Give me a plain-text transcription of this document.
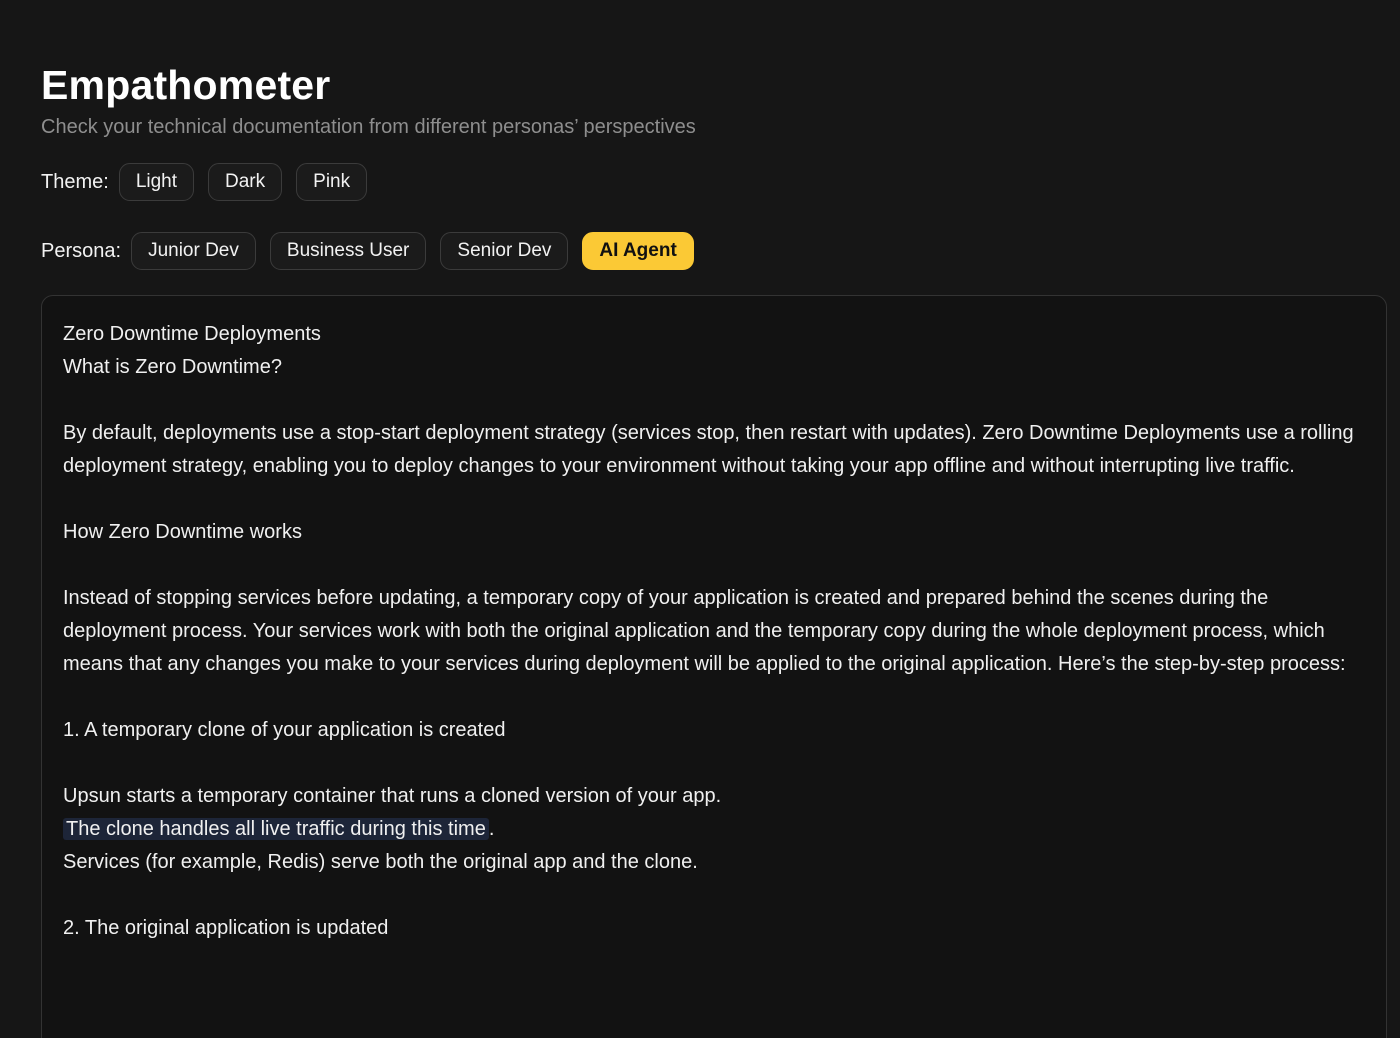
Empathometer

Check your technical documentation from different personas’ perspectives

Theme:	Light	Dark	Pink
Persona:	Junior Dev	Business User	Senior Dev	AI Agent

Zero Downtime Deployments

What is Zero Downtime?

By default, deployments use a stop-start deployment strategy (services stop, then restart with updates). Zero Downtime Deployments use a rolling deployment strategy, enabling you to deploy changes to your environment without taking your app offline and without interrupting live traffic.

How Zero Downtime works

Instead of stopping services before updating, a temporary copy of your application is created and prepared behind the scenes during the deployment process. Your services work with both the original application and the temporary copy during the whole deployment process, which means that any changes you make to your services during deployment will be applied to the original application. Here’s the step-by-step process:

1. A temporary clone of your application is created

Upsun starts a temporary container that runs a cloned version of your app.

The clone handles all live traffic during this time .

Services (for example, Redis) serve both the original app and the clone.

2. The original application is updated
